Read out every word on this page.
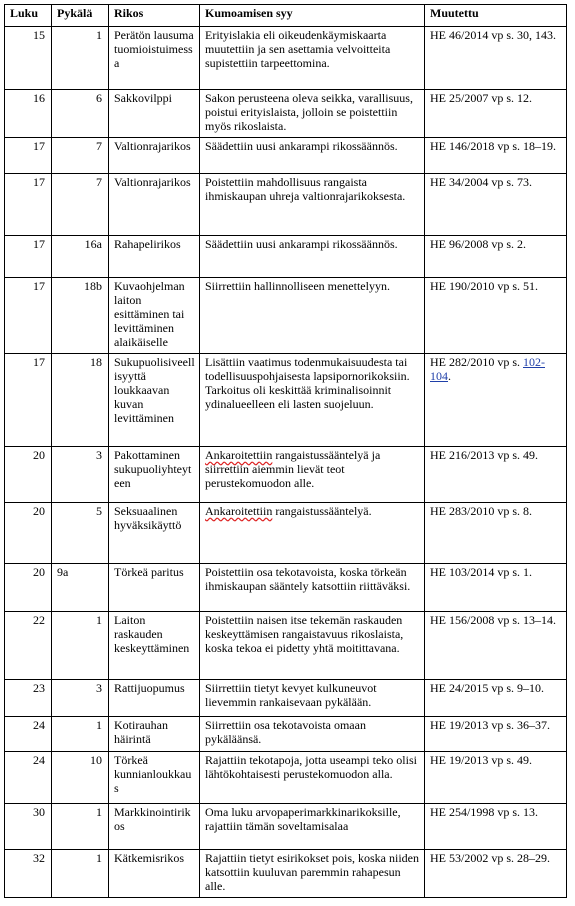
Luku	Pykälä	Rikos	Kumoamisen syy	Muutettu
15	1	Perätön lausuma tuomioistuimessa	Erityislakia eli oikeudenkäymiskaarta muutettiin ja sen asettamia velvoitteita supistettiin tarpeettomina.	HE 46/2014 vp s. 30, 143.
16	6	Sakkovilppi	Sakon perusteena oleva seikka, varallisuus, poistui erityislaista, jolloin se poistettiin myös rikoslaista.	HE 25/2007 vp s. 12.
17	7	Valtionrajarikos	Säädettiin uusi ankarampi rikossäännös.	HE 146/2018 vp s. 18–19.
17	7	Valtionrajarikos	Poistettiin mahdollisuus rangaista ihmiskaupan uhreja valtionrajarikoksesta.	HE 34/2004 vp s. 73.
17	16a	Rahapelirikos	Säädettiin uusi ankarampi rikossäännös.	HE 96/2008 vp s. 2.
17	18b	Kuvaohjelman laiton esittäminen tai levittäminen alaikäiselle	Siirrettiin hallinnolliseen menettelyyn.	HE 190/2010 vp s. 51.
17	18	Sukupuolisiveellisyyttä loukkaavan kuvan levittäminen	Lisättiin vaatimus todenmukaisuudesta tai todellisuuspohjaisesta lapsipornorikoksiin. Tarkoitus oli keskittää kriminalisoinnit ydinalueelleen eli lasten suojeluun.	HE 282/2010 vp s. 102-104.
20	3	Pakottaminen sukupuoliyhteyteen	Ankaroitettiin rangaistussääntelyä ja siirrettiin aiemmin lievät teot perustekomuodon alle.	HE 216/2013 vp s. 49.
20	5	Seksuaalinen hyväksikäyttö	Ankaroitettiin rangaistussääntelyä.	HE 283/2010 vp s. 8.
20	9a	Törkeä paritus	Poistettiin osa tekotavoista, koska törkeän ihmiskaupan sääntely katsottiin riittäväksi.	HE 103/2014 vp s. 1.
22	1	Laiton raskauden keskeyttäminen	Poistettiin naisen itse tekemän raskauden keskeyttämisen rangaistavuus rikoslaista, koska tekoa ei pidetty yhtä moitittavana.	HE 156/2008 vp s. 13–14.
23	3	Rattijuopumus	Siirrettiin tietyt kevyet kulkuneuvot lievemmin rankaisevaan pykälään.	HE 24/2015 vp s. 9–10.
24	1	Kotirauhan häirintä	Siirrettiin osa tekotavoista omaan pykäläänsä.	HE 19/2013 vp s. 36–37.
24	10	Törkeä kunnianloukkaus	Rajattiin tekotapoja, jotta useampi teko olisi lähtökohtaisesti perustekomuodon alla.	HE 19/2013 vp s. 49.
30	1	Markkinointirikos	Oma luku arvopaperimarkkinarikoksille, rajattiin tämän soveltamisalaa	HE 254/1998 vp s. 13.
32	1	Kätkemisrikos	Rajattiin tietyt esirikokset pois, koska niiden katsottiin kuuluvan paremmin rahapesun alle.	HE 53/2002 vp s. 28–29.
